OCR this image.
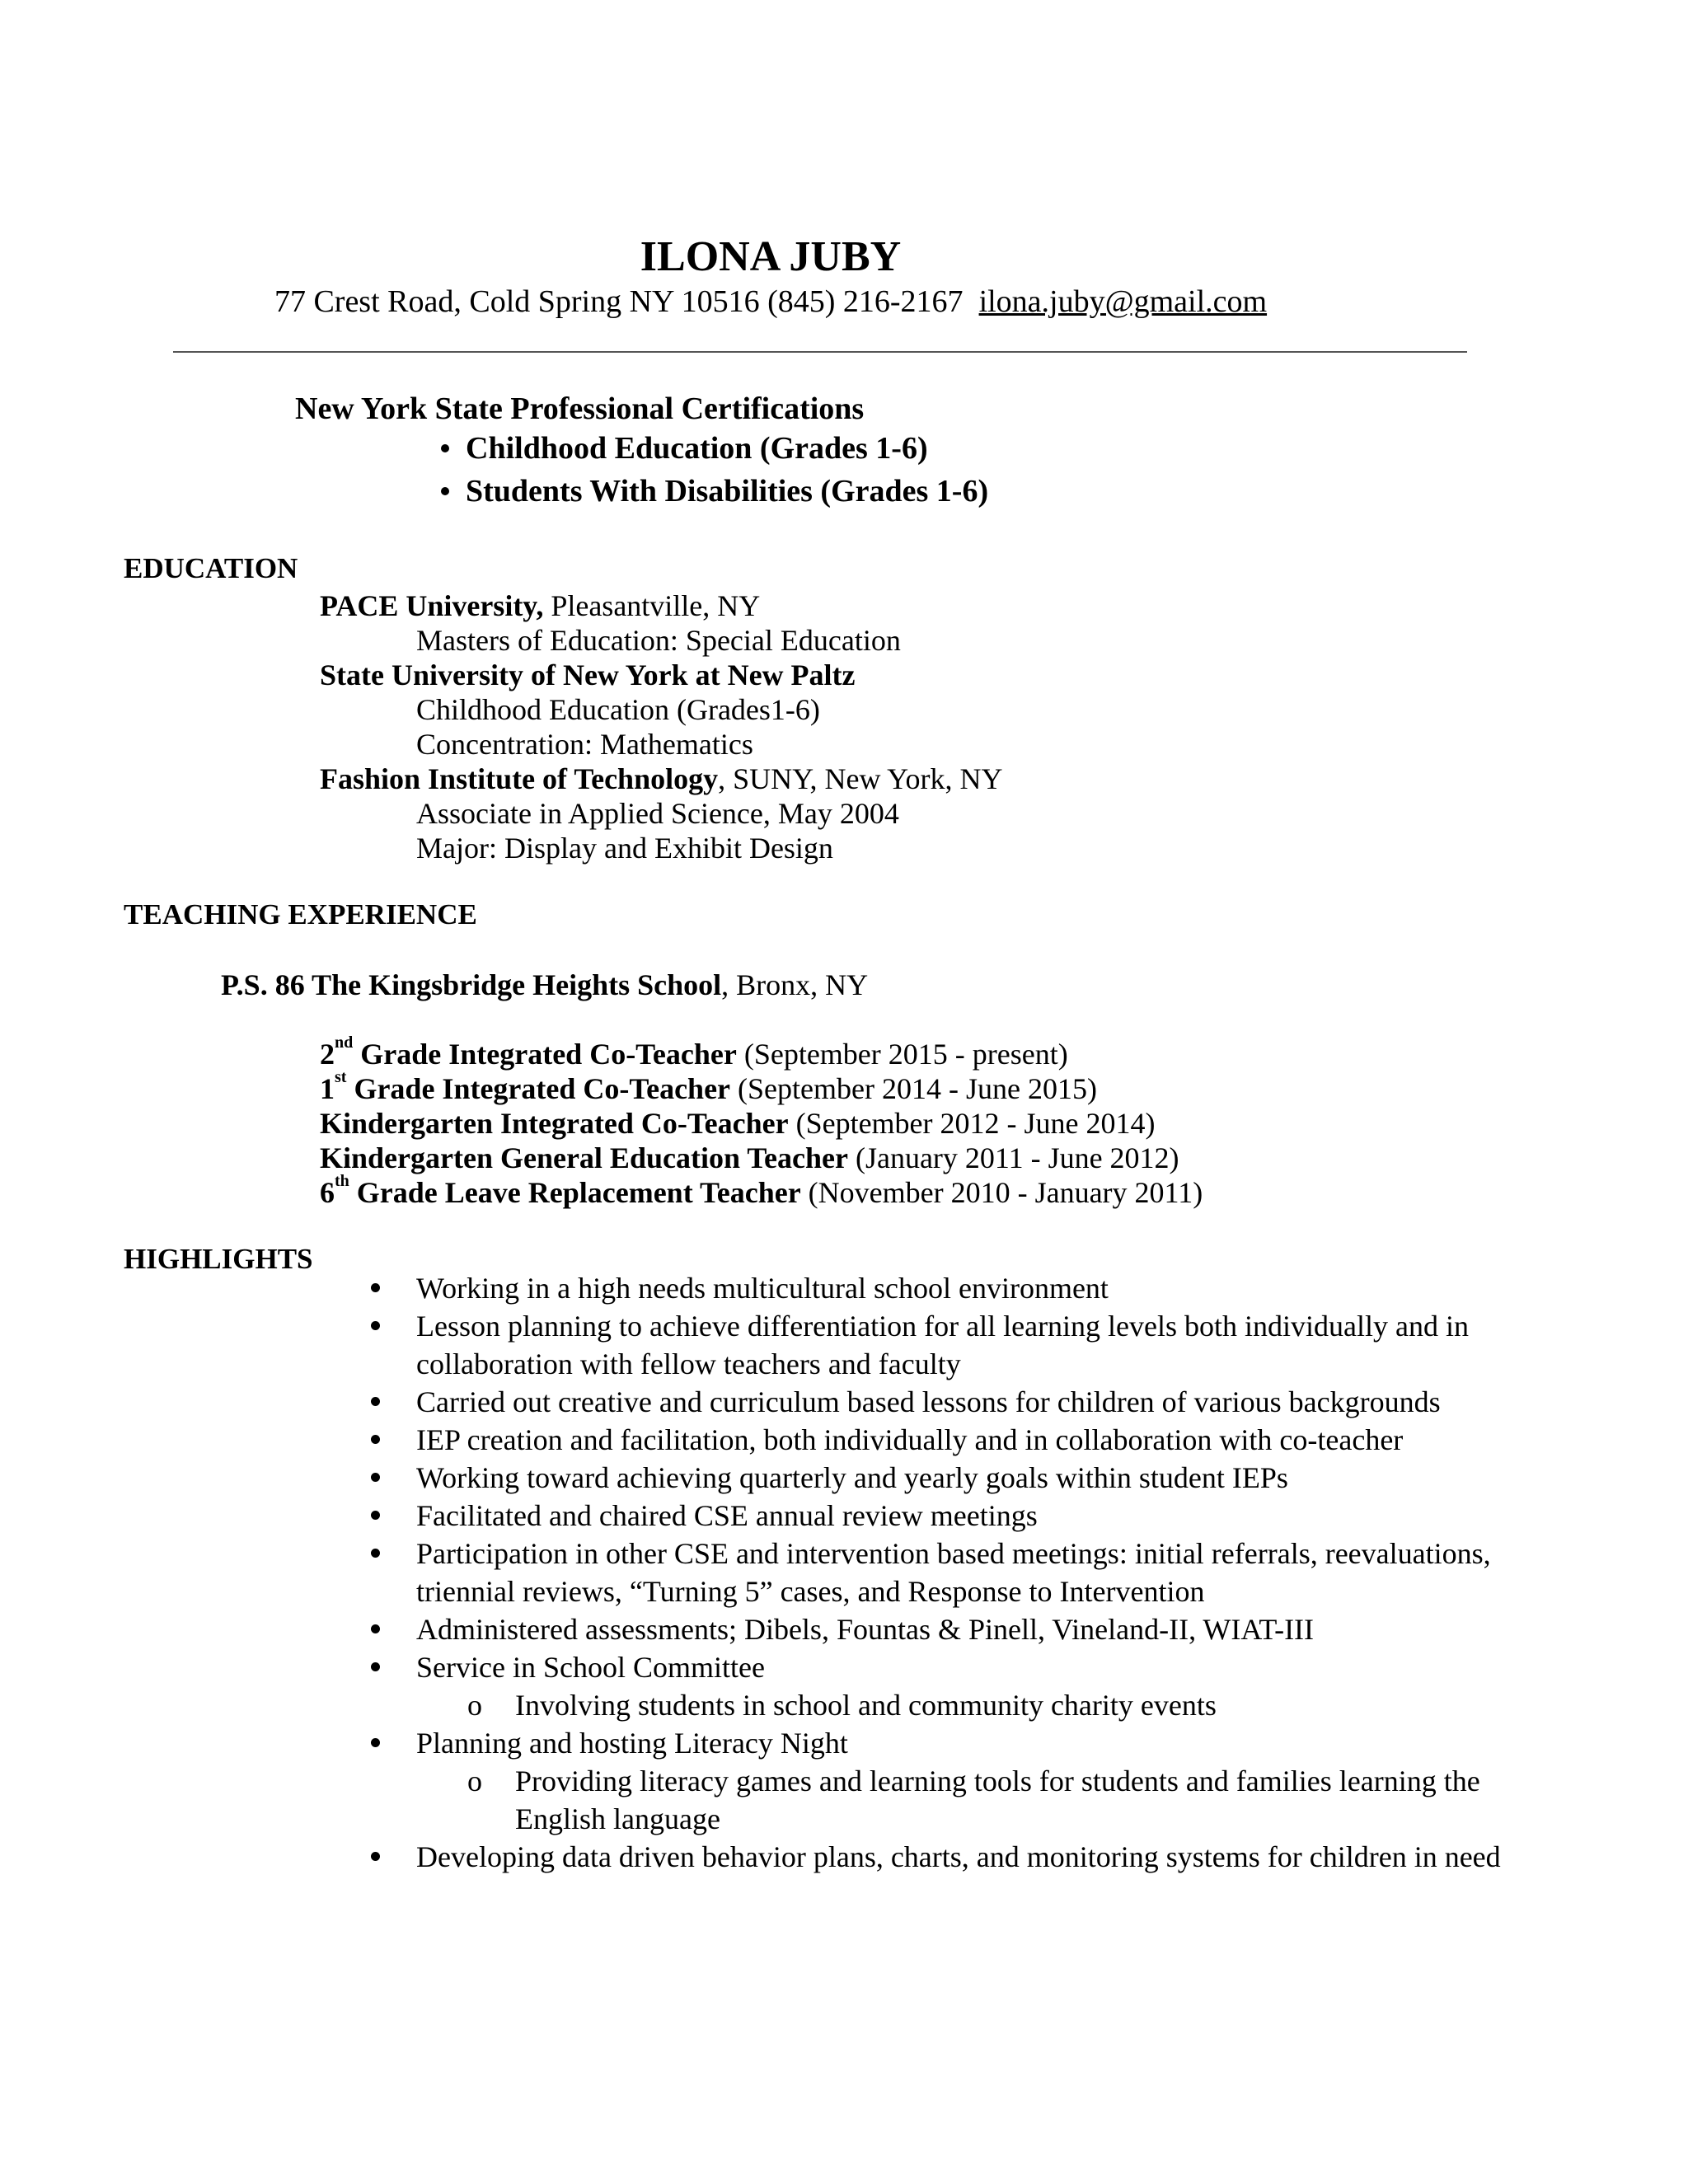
ILONA JUBY
77 Crest Road, Cold Spring NY 10516 (845) 216-2167 ilona.juby@gmail.com
New York State Professional Certifications
Childhood Education (Grades 1-6)
Students With Disabilities (Grades 1-6)
EDUCATION
PACE University, Pleasantville, NY
Masters of Education: Special Education
State University of New York at New Paltz
Childhood Education (Grades1-6)
Concentration: Mathematics
Fashion Institute of Technology, SUNY, New York, NY
Associate in Applied Science, May 2004
Major: Display and Exhibit Design
TEACHING EXPERIENCE
P.S. 86 The Kingsbridge Heights School, Bronx, NY
2nd Grade Integrated Co-Teacher (September 2015 - present)
1st Grade Integrated Co-Teacher (September 2014 - June 2015)
Kindergarten Integrated Co-Teacher (September 2012 - June 2014)
Kindergarten General Education Teacher (January 2011 - June 2012)
6th Grade Leave Replacement Teacher (November 2010 - January 2011)
HIGHLIGHTS
Working in a high needs multicultural school environment
Lesson planning to achieve differentiation for all learning levels both individually and in collaboration with fellow teachers and faculty
Carried out creative and curriculum based lessons for children of various backgrounds
IEP creation and facilitation, both individually and in collaboration with co-teacher
Working toward achieving quarterly and yearly goals within student IEPs
Facilitated and chaired CSE annual review meetings
Participation in other CSE and intervention based meetings: initial referrals, reevaluations, triennial reviews, “Turning 5” cases, and Response to Intervention
Administered assessments; Dibels, Fountas & Pinell, Vineland-II, WIAT-III
Service in School Committee
o Involving students in school and community charity events
Planning and hosting Literacy Night
o Providing literacy games and learning tools for students and families learning the English language
Developing data driven behavior plans, charts, and monitoring systems for children in need
